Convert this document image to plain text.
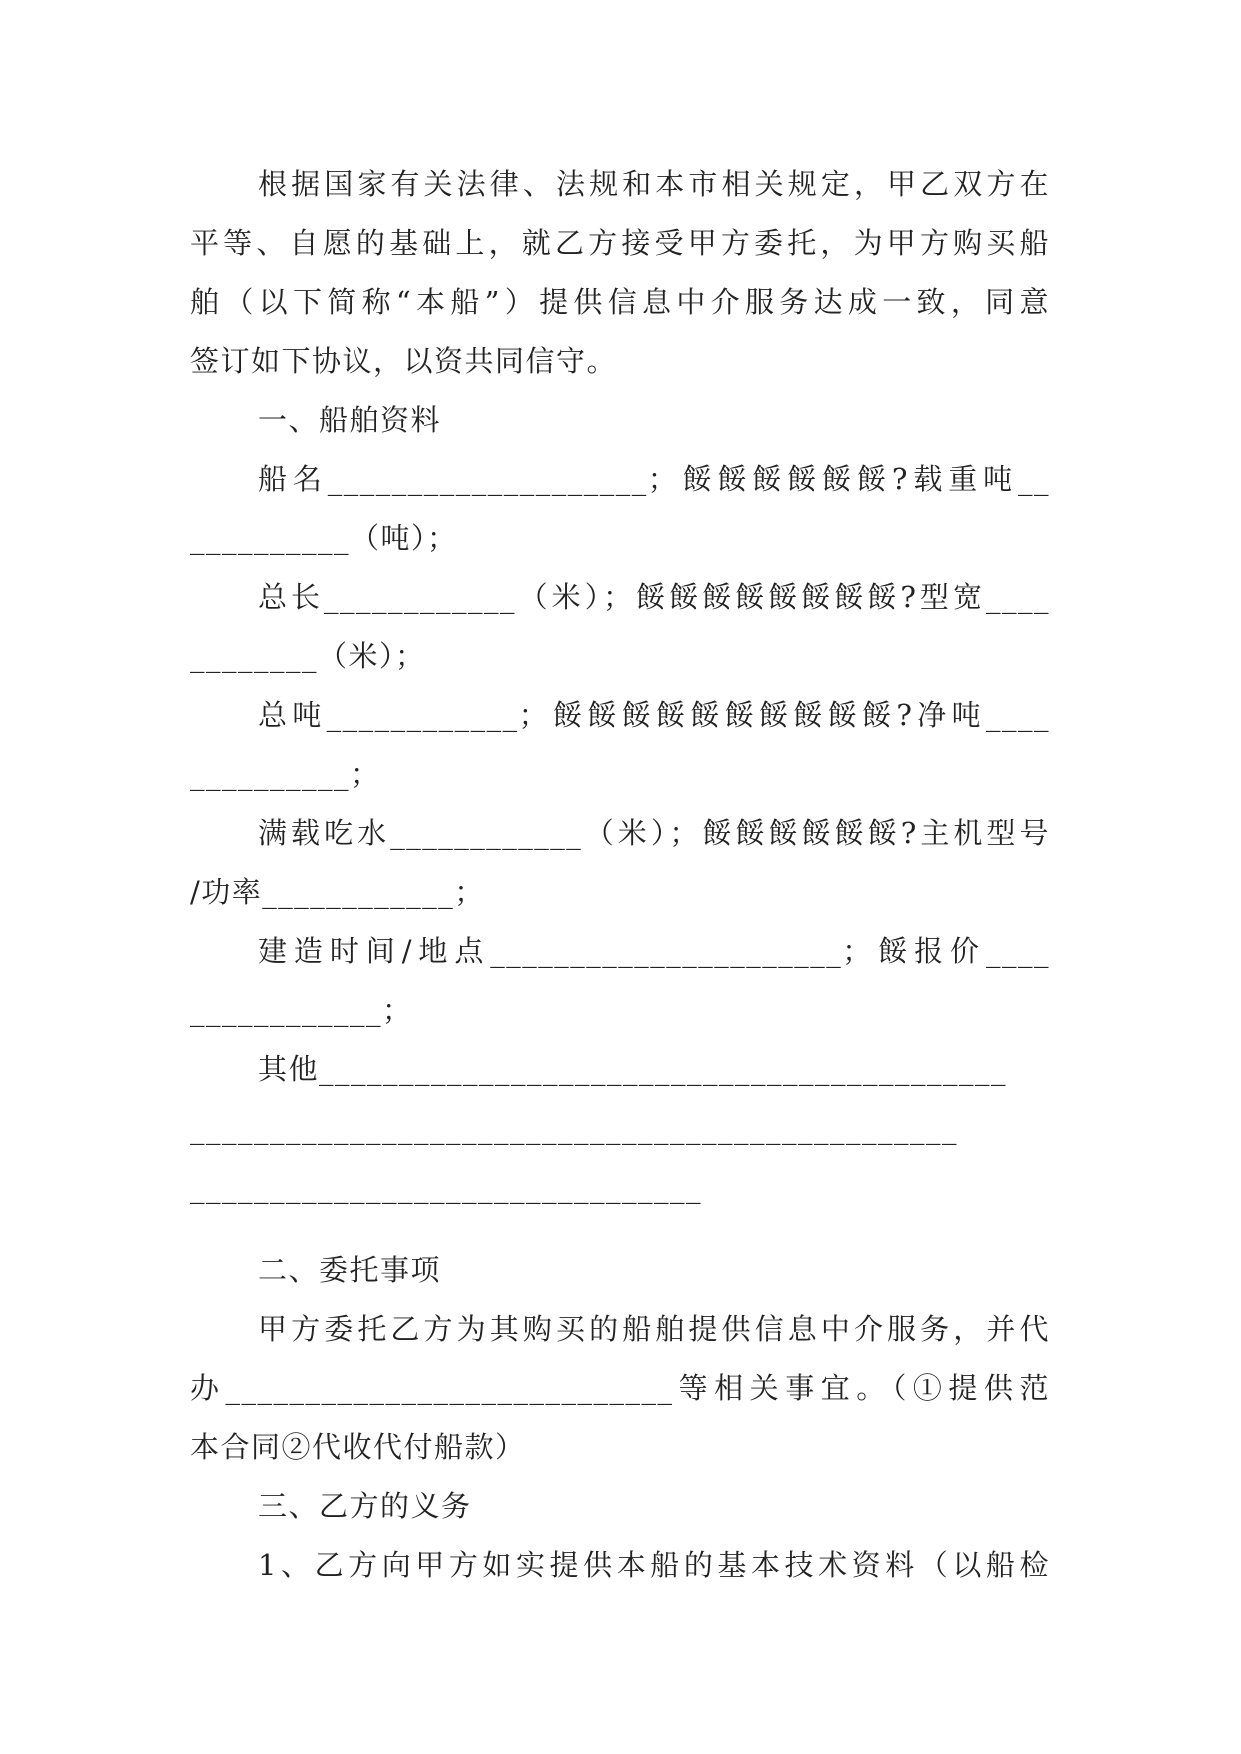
根据国家有关法律、法规和本市相关规定，甲乙双方在
平等、自愿的基础上，就乙方接受甲方委托，为甲方购买船
舶（以下简称“本船”）提供信息中介服务达成一致，同意
签订如下协议，以资共同信守。
一、船舶资料
船名____________________；餒餒餒餒餒餒?载重吨__
__________（吨）；
总长____________（米）；餒餒餒餒餒餒餒餒?型宽____
________（米）；
总吨____________；餒餒餒餒餒餒餒餒餒餒?净吨____
__________；
满载吃水____________（米）；餒餒餒餒餒餒?主机型号
/功率____________；
建造时间/地点______________________；餒报价____
____________；
其他___________________________________________
________________________________________________
________________________________
二、委托事项
甲方委托乙方为其购买的船舶提供信息中介服务，并代
办____________________________等相关事宜。（①提供范
本合同②代收代付船款）
三、乙方的义务
1、乙方向甲方如实提供本船的基本技术资料（以船检
